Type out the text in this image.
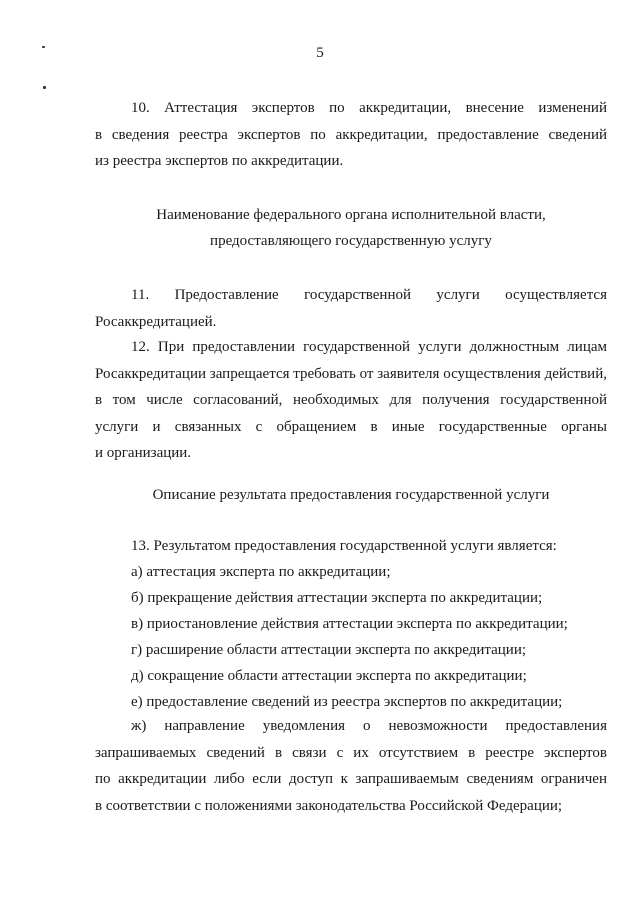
5
10. Аттестация экспертов по аккредитации, внесение изменений
в сведения реестра экспертов по аккредитации, предоставление сведений
из реестра экспертов по аккредитации.
Наименование федерального органа исполнительной власти,
предоставляющего государственную услугу
11. Предоставление государственной услуги осуществляется
Росаккредитацией.
12. При предоставлении государственной услуги должностным лицам
Росаккредитации запрещается требовать от заявителя осуществления действий,
в том числе согласований, необходимых для получения государственной
услуги и связанных с обращением в иные государственные органы
и организации.
Описание результата предоставления государственной услуги
13. Результатом предоставления государственной услуги является:
а) аттестация эксперта по аккредитации;
б) прекращение действия аттестации эксперта по аккредитации;
в) приостановление действия аттестации эксперта по аккредитации;
г) расширение области аттестации эксперта по аккредитации;
д) сокращение области аттестации эксперта по аккредитации;
е) предоставление сведений из реестра экспертов по аккредитации;
ж) направление уведомления о невозможности предоставления
запрашиваемых сведений в связи с их отсутствием в реестре экспертов
по аккредитации либо если доступ к запрашиваемым сведениям ограничен
в соответствии с положениями законодательства Российской Федерации;
